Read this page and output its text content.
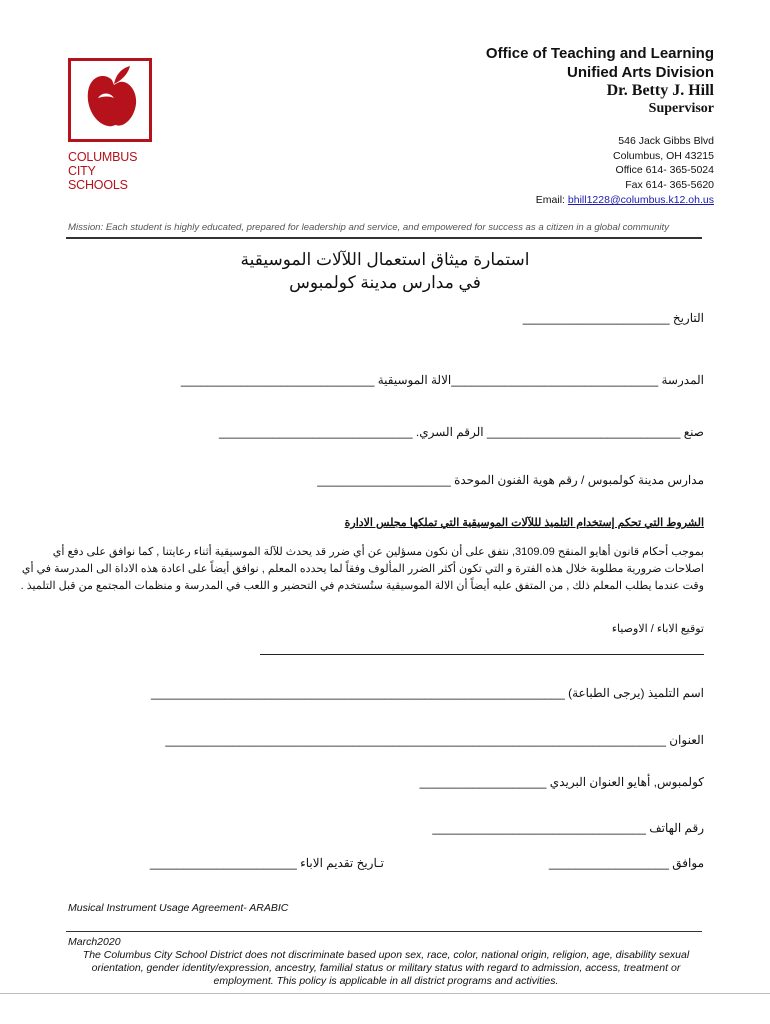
COLUMBUS
CITY SCHOOLS
Office of Teaching and Learning
Unified Arts Division
Dr. Betty J. Hill
Supervisor
546 Jack Gibbs Blvd
Columbus, OH 43215
Office 614- 365-5024
Fax 614- 365-5620
Email: bhill1228@columbus.k12.oh.us
Mission: Each student is highly educated, prepared for leadership and service, and empowered for success as a citizen in a global community
استمارة ميثاق استعمال اللآلات الموسيقية
في مدارس مدينة كولمبوس
التاريخ ______________________
المدرسة _______________________________الالة الموسيقية _____________________________
صنع _____________________________ الرقم السري. _____________________________
مدارس مدينة كولمبوس / رقم هوية الفنون الموحدة ____________________
الشروط التي تحكم إستخدام التلميذ لللآلات الموسيقية التي تملكها مجلس الادارة
بموجب أحكام قانون أهايو المنقح 3109.09, نتفق على أن نكون مسؤلين عن أي ضرر قد يحدث للآلة الموسيقية أثناء رعايتنا , كما نوافق على دفع أي
اصلاحات ضرورية مطلوبة خلال هذه الفترة و التي تكون أكثر الضرر المألوف وفقاً لما يحدده المعلم , نوافق أيضاً على اعادة هذه الاداة الى المدرسة في أي
وقت عندما يطلب المعلم ذلك , من المتفق عليه أيضاً أن الالة الموسيقية ستُستخدم في التحضير و اللعب في المدرسة و منظمات المجتمع من قبل التلميذ .
توقيع الاباء / الاوصياء
اسم التلميذ (يرجى الطباعة) ______________________________________________________________
العنوان ___________________________________________________________________________
كولمبوس, أهايو العنوان البريدي ___________________
رقم الهاتف ________________________________
موافق __________________
تـاريخ تقديم الاباء ______________________
Musical Instrument Usage Agreement- ARABIC
March2020
The Columbus City School District does not discriminate based upon sex, race, color, national origin, religion, age, disability sexual orientation, gender identity/expression, ancestry, familial status or military status with regard to admission, access, treatment or employment. This policy is applicable in all district programs and activities.
